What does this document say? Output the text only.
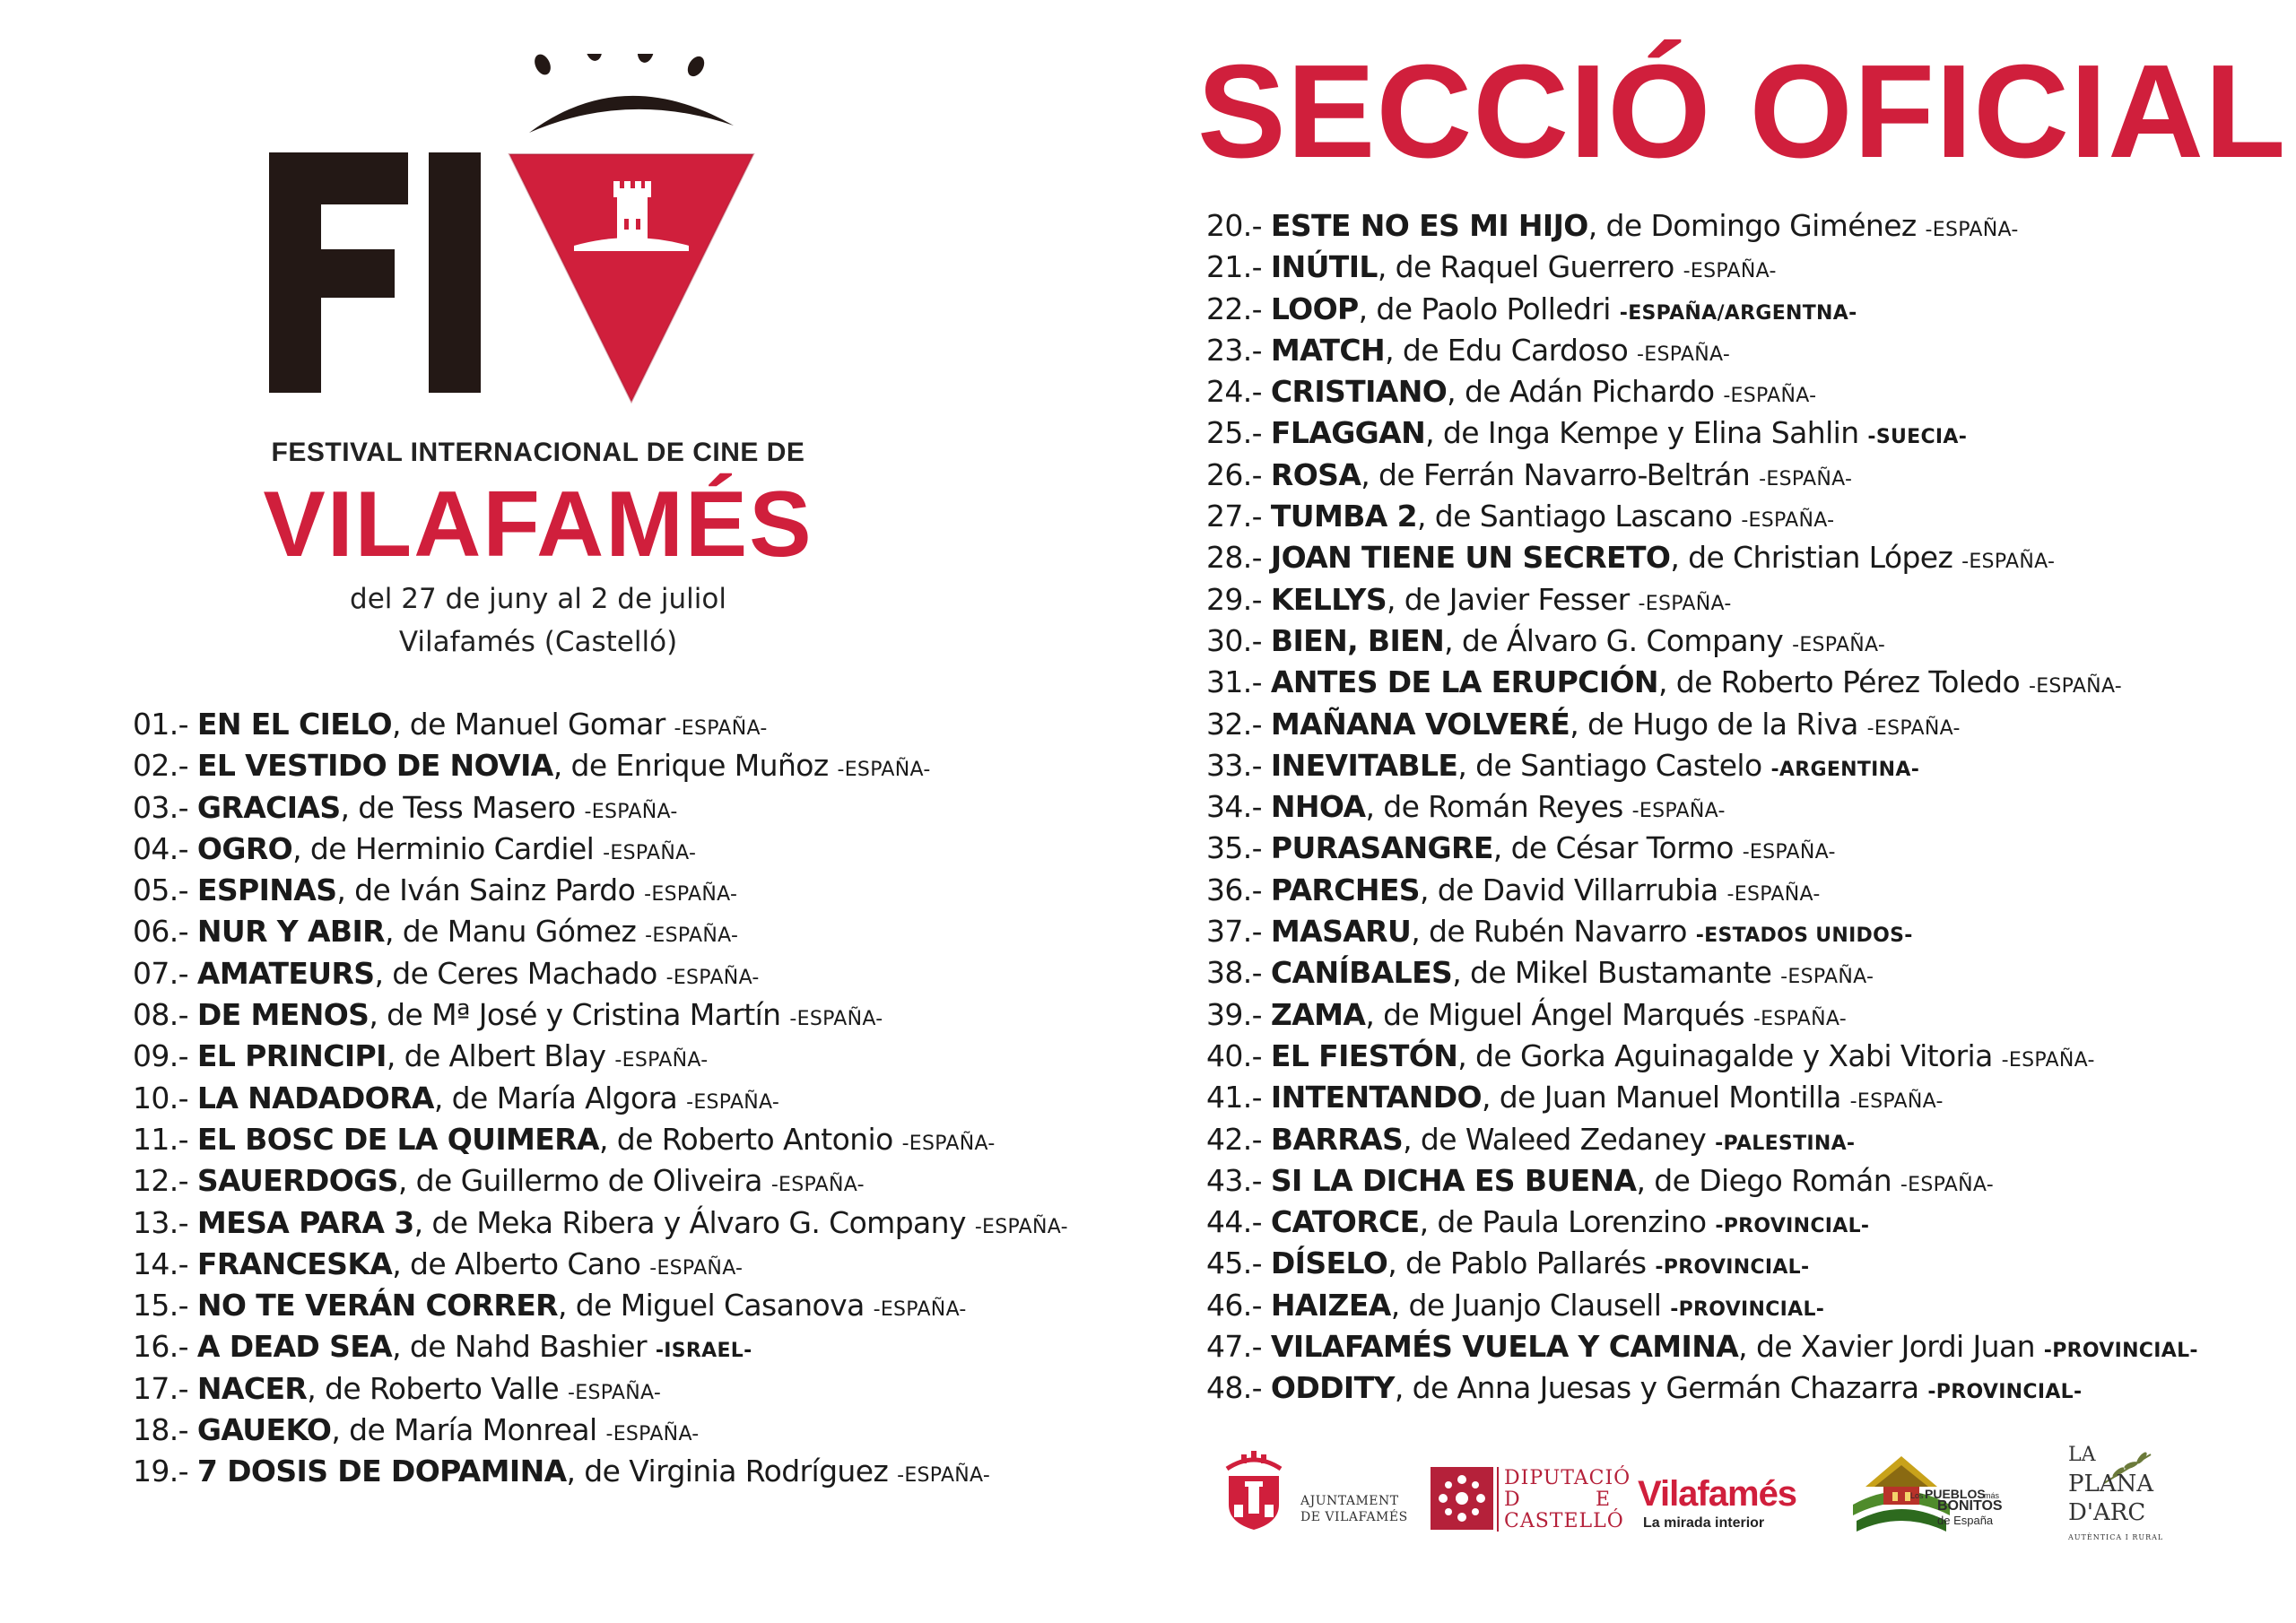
FESTIVAL INTERNACIONAL DE CINE DE
VILAFAMÉS
del 27 de juny al 2 de juliol
Vilafamés (Castelló)
SECCIÓ OFICIAL
01.- EN EL CIELO, de Manuel Gomar -ESPAÑA-
02.- EL VESTIDO DE NOVIA, de Enrique Muñoz -ESPAÑA-
03.- GRACIAS, de Tess Masero -ESPAÑA-
04.- OGRO, de Herminio Cardiel -ESPAÑA-
05.- ESPINAS, de Iván Sainz Pardo -ESPAÑA-
06.- NUR Y ABIR, de Manu Gómez -ESPAÑA-
07.- AMATEURS, de Ceres Machado -ESPAÑA-
08.- DE MENOS, de Mª José y Cristina Martín -ESPAÑA-
09.- EL PRINCIPI, de Albert Blay -ESPAÑA-
10.- LA NADADORA, de María Algora -ESPAÑA-
11.- EL BOSC DE LA QUIMERA, de Roberto Antonio -ESPAÑA-
12.- SAUERDOGS, de Guillermo de Oliveira -ESPAÑA-
13.- MESA PARA 3, de Meka Ribera y Álvaro G. Company -ESPAÑA-
14.- FRANCESKA, de Alberto Cano -ESPAÑA-
15.- NO TE VERÁN CORRER, de Miguel Casanova -ESPAÑA-
16.- A DEAD SEA, de Nahd Bashier -ISRAEL-
17.- NACER, de Roberto Valle -ESPAÑA-
18.- GAUEKO, de María Monreal -ESPAÑA-
19.- 7 DOSIS DE DOPAMINA, de Virginia Rodríguez -ESPAÑA-
20.- ESTE NO ES MI HIJO, de Domingo Giménez -ESPAÑA-
21.- INÚTIL, de Raquel Guerrero -ESPAÑA-
22.- LOOP, de Paolo Polledri -ESPAÑA/ARGENTNA-
23.- MATCH, de Edu Cardoso -ESPAÑA-
24.- CRISTIANO, de Adán Pichardo -ESPAÑA-
25.- FLAGGAN, de Inga Kempe y Elina Sahlin -SUECIA-
26.- ROSA, de Ferrán Navarro-Beltrán -ESPAÑA-
27.- TUMBA 2, de Santiago Lascano -ESPAÑA-
28.- JOAN TIENE UN SECRETO, de Christian López -ESPAÑA-
29.- KELLYS, de Javier Fesser -ESPAÑA-
30.- BIEN, BIEN, de Álvaro G. Company -ESPAÑA-
31.- ANTES DE LA ERUPCIÓN, de Roberto Pérez Toledo -ESPAÑA-
32.- MAÑANA VOLVERÉ, de Hugo de la Riva -ESPAÑA-
33.- INEVITABLE, de Santiago Castelo -ARGENTINA-
34.- NHOA, de Román Reyes -ESPAÑA-
35.- PURASANGRE, de César Tormo -ESPAÑA-
36.- PARCHES, de David Villarrubia -ESPAÑA-
37.- MASARU, de Rubén Navarro -ESTADOS UNIDOS-
38.- CANÍBALES, de Mikel Bustamante -ESPAÑA-
39.- ZAMA, de Miguel Ángel Marqués -ESPAÑA-
40.- EL FIESTÓN, de Gorka Aguinagalde y Xabi Vitoria -ESPAÑA-
41.- INTENTANDO, de Juan Manuel Montilla -ESPAÑA-
42.- BARRAS, de Waleed Zedaney -PALESTINA-
43.- SI LA DICHA ES BUENA, de Diego Román -ESPAÑA-
44.- CATORCE, de Paula Lorenzino -PROVINCIAL-
45.- DÍSELO, de Pablo Pallarés -PROVINCIAL-
46.- HAIZEA, de Juanjo Clausell -PROVINCIAL-
47.- VILAFAMÉS VUELA Y CAMINA, de Xavier Jordi Juan -PROVINCIAL-
48.- ODDITY, de Anna Juesas y Germán Chazarra -PROVINCIAL-
AJUNTAMENT
DE VILAFAMÉS
DIPUTACIÓ
D	E
CASTELLÓ
Vilafamés
La mirada interior
Los PUEBLOS
más
BONITOS
de España
LA
PLANA
D'ARC
AUTÈNTICA I RURAL
